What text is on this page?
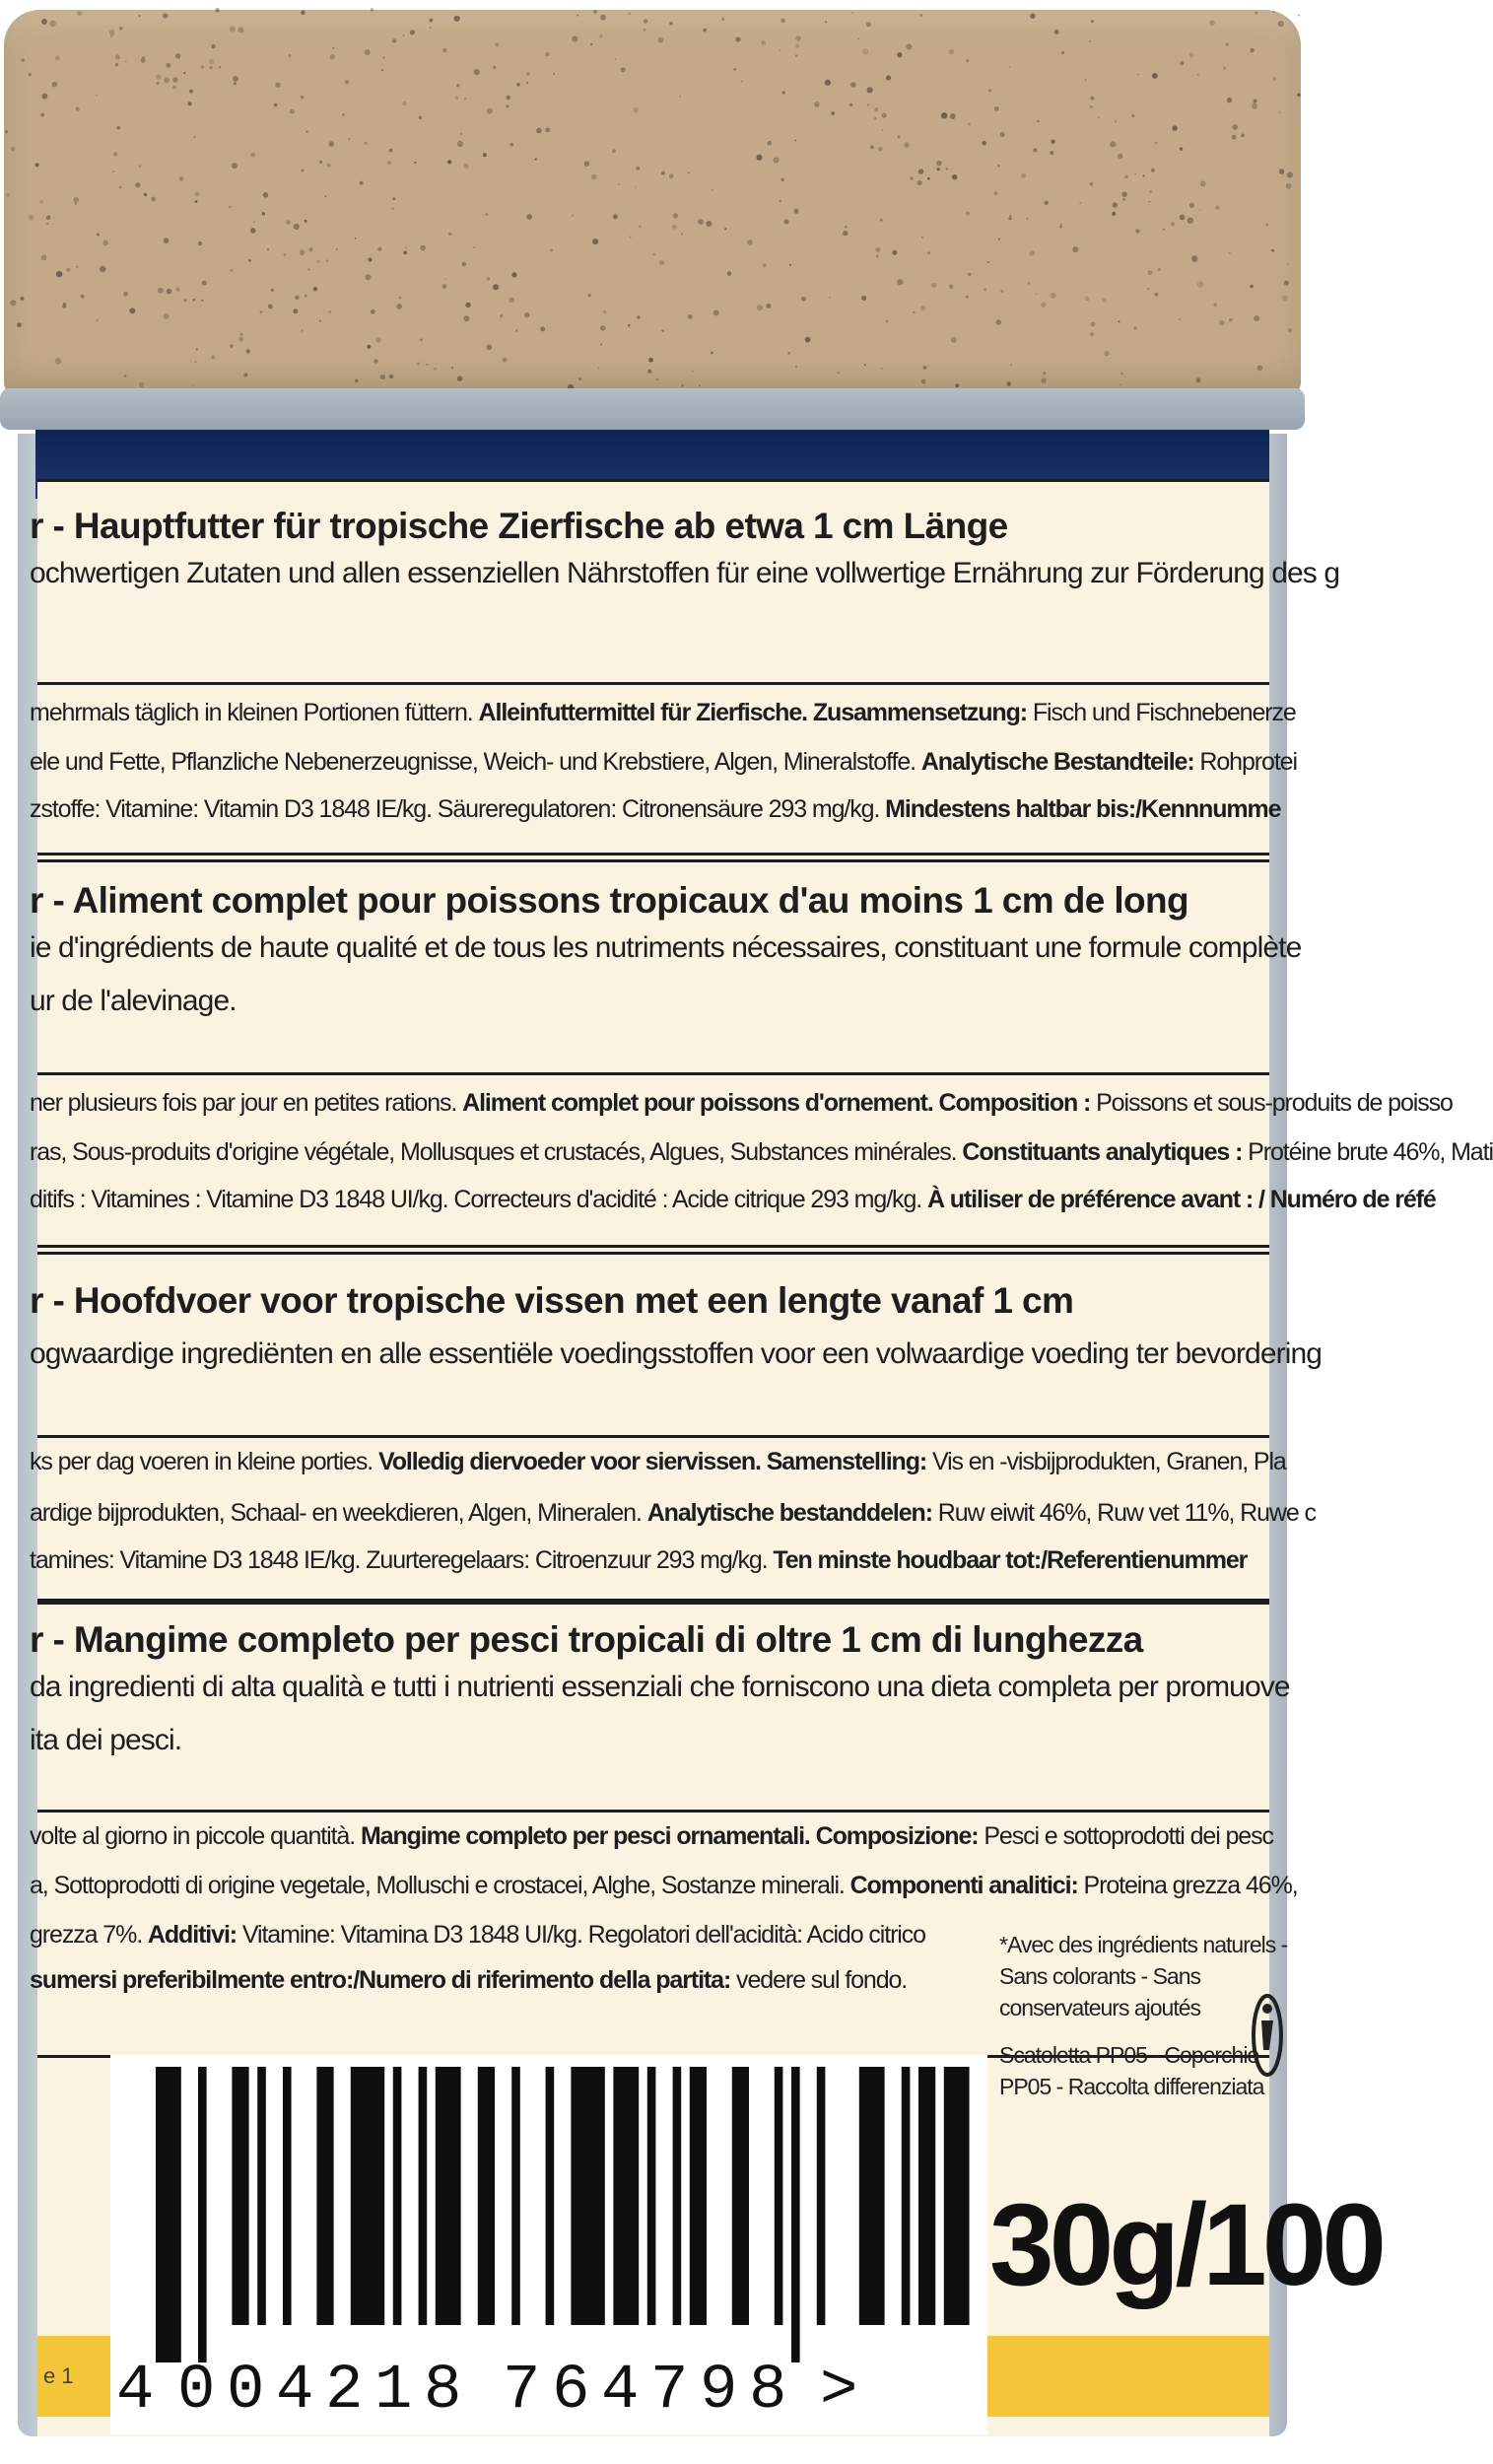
r - Hauptfutter für tropische Zierfische ab etwa 1 cm Länge
ochwertigen Zutaten und allen essenziellen Nährstoffen für eine vollwertige Ernährung zur Förderung des g
mehrmals täglich in kleinen Portionen füttern. Alleinfuttermittel für Zierfische. Zusammensetzung: Fisch und Fischnebenerze
ele und Fette, Pflanzliche Nebenerzeugnisse, Weich- und Krebstiere, Algen, Mineralstoffe. Analytische Bestandteile: Rohprotei
zstoffe: Vitamine: Vitamin D3 1848 IE/kg. Säureregulatoren: Citronensäure 293 mg/kg. Mindestens haltbar bis:/Kennnumme
r - Aliment complet pour poissons tropicaux d'au moins 1 cm de long
ie d'ingrédients de haute qualité et de tous les nutriments nécessaires, constituant une formule complète
ur de l'alevinage.
ner plusieurs fois par jour en petites rations. Aliment complet pour poissons d'ornement. Composition : Poissons et sous-produits de poisso
ras, Sous-produits d'origine végétale, Mollusques et crustacés, Algues, Substances minérales. Constituants analytiques : Protéine brute 46%, Mati
ditifs : Vitamines : Vitamine D3 1848 UI/kg. Correcteurs d'acidité : Acide citrique 293 mg/kg. À utiliser de préférence avant : / Numéro de réfé
r - Hoofdvoer voor tropische vissen met een lengte vanaf 1 cm
ogwaardige ingrediënten en alle essentiële voedingsstoffen voor een volwaardige voeding ter bevordering
ks per dag voeren in kleine porties. Volledig diervoeder voor siervissen. Samenstelling: Vis en -visbijprodukten, Granen, Pla
ardige bijprodukten, Schaal- en weekdieren, Algen, Mineralen. Analytische bestanddelen: Ruw eiwit 46%, Ruw vet 11%, Ruwe c
tamines: Vitamine D3 1848 IE/kg. Zuurteregelaars: Citroenzuur 293 mg/kg. Ten minste houdbaar tot:/Referentienummer
r - Mangime completo per pesci tropicali di oltre 1 cm di lunghezza
da ingredienti di alta qualità e tutti i nutrienti essenziali che forniscono una dieta completa per promuove
ita dei pesci.
volte al giorno in piccole quantità. Mangime completo per pesci ornamentali. Composizione: Pesci e sottoprodotti dei pesc
a, Sottoprodotti di origine vegetale, Molluschi e crostacei, Alghe, Sostanze minerali. Componenti analitici: Proteina grezza 46%,
grezza 7%. Additivi: Vitamine: Vitamina D3 1848 UI/kg. Regolatori dell'acidità: Acido citrico
sumersi preferibilmente entro:/Numero di riferimento della partita: vedere sul fondo.
e 1 4 0 0 4 2 1 8 7 6 4 7 9 8 >
*Avec des ingrédients naturels -
Sans colorants - Sans
conservateurs ajoutés
Scatoletta PP05 - Coperchio
PP05 - Raccolta differenziata
30g/100
